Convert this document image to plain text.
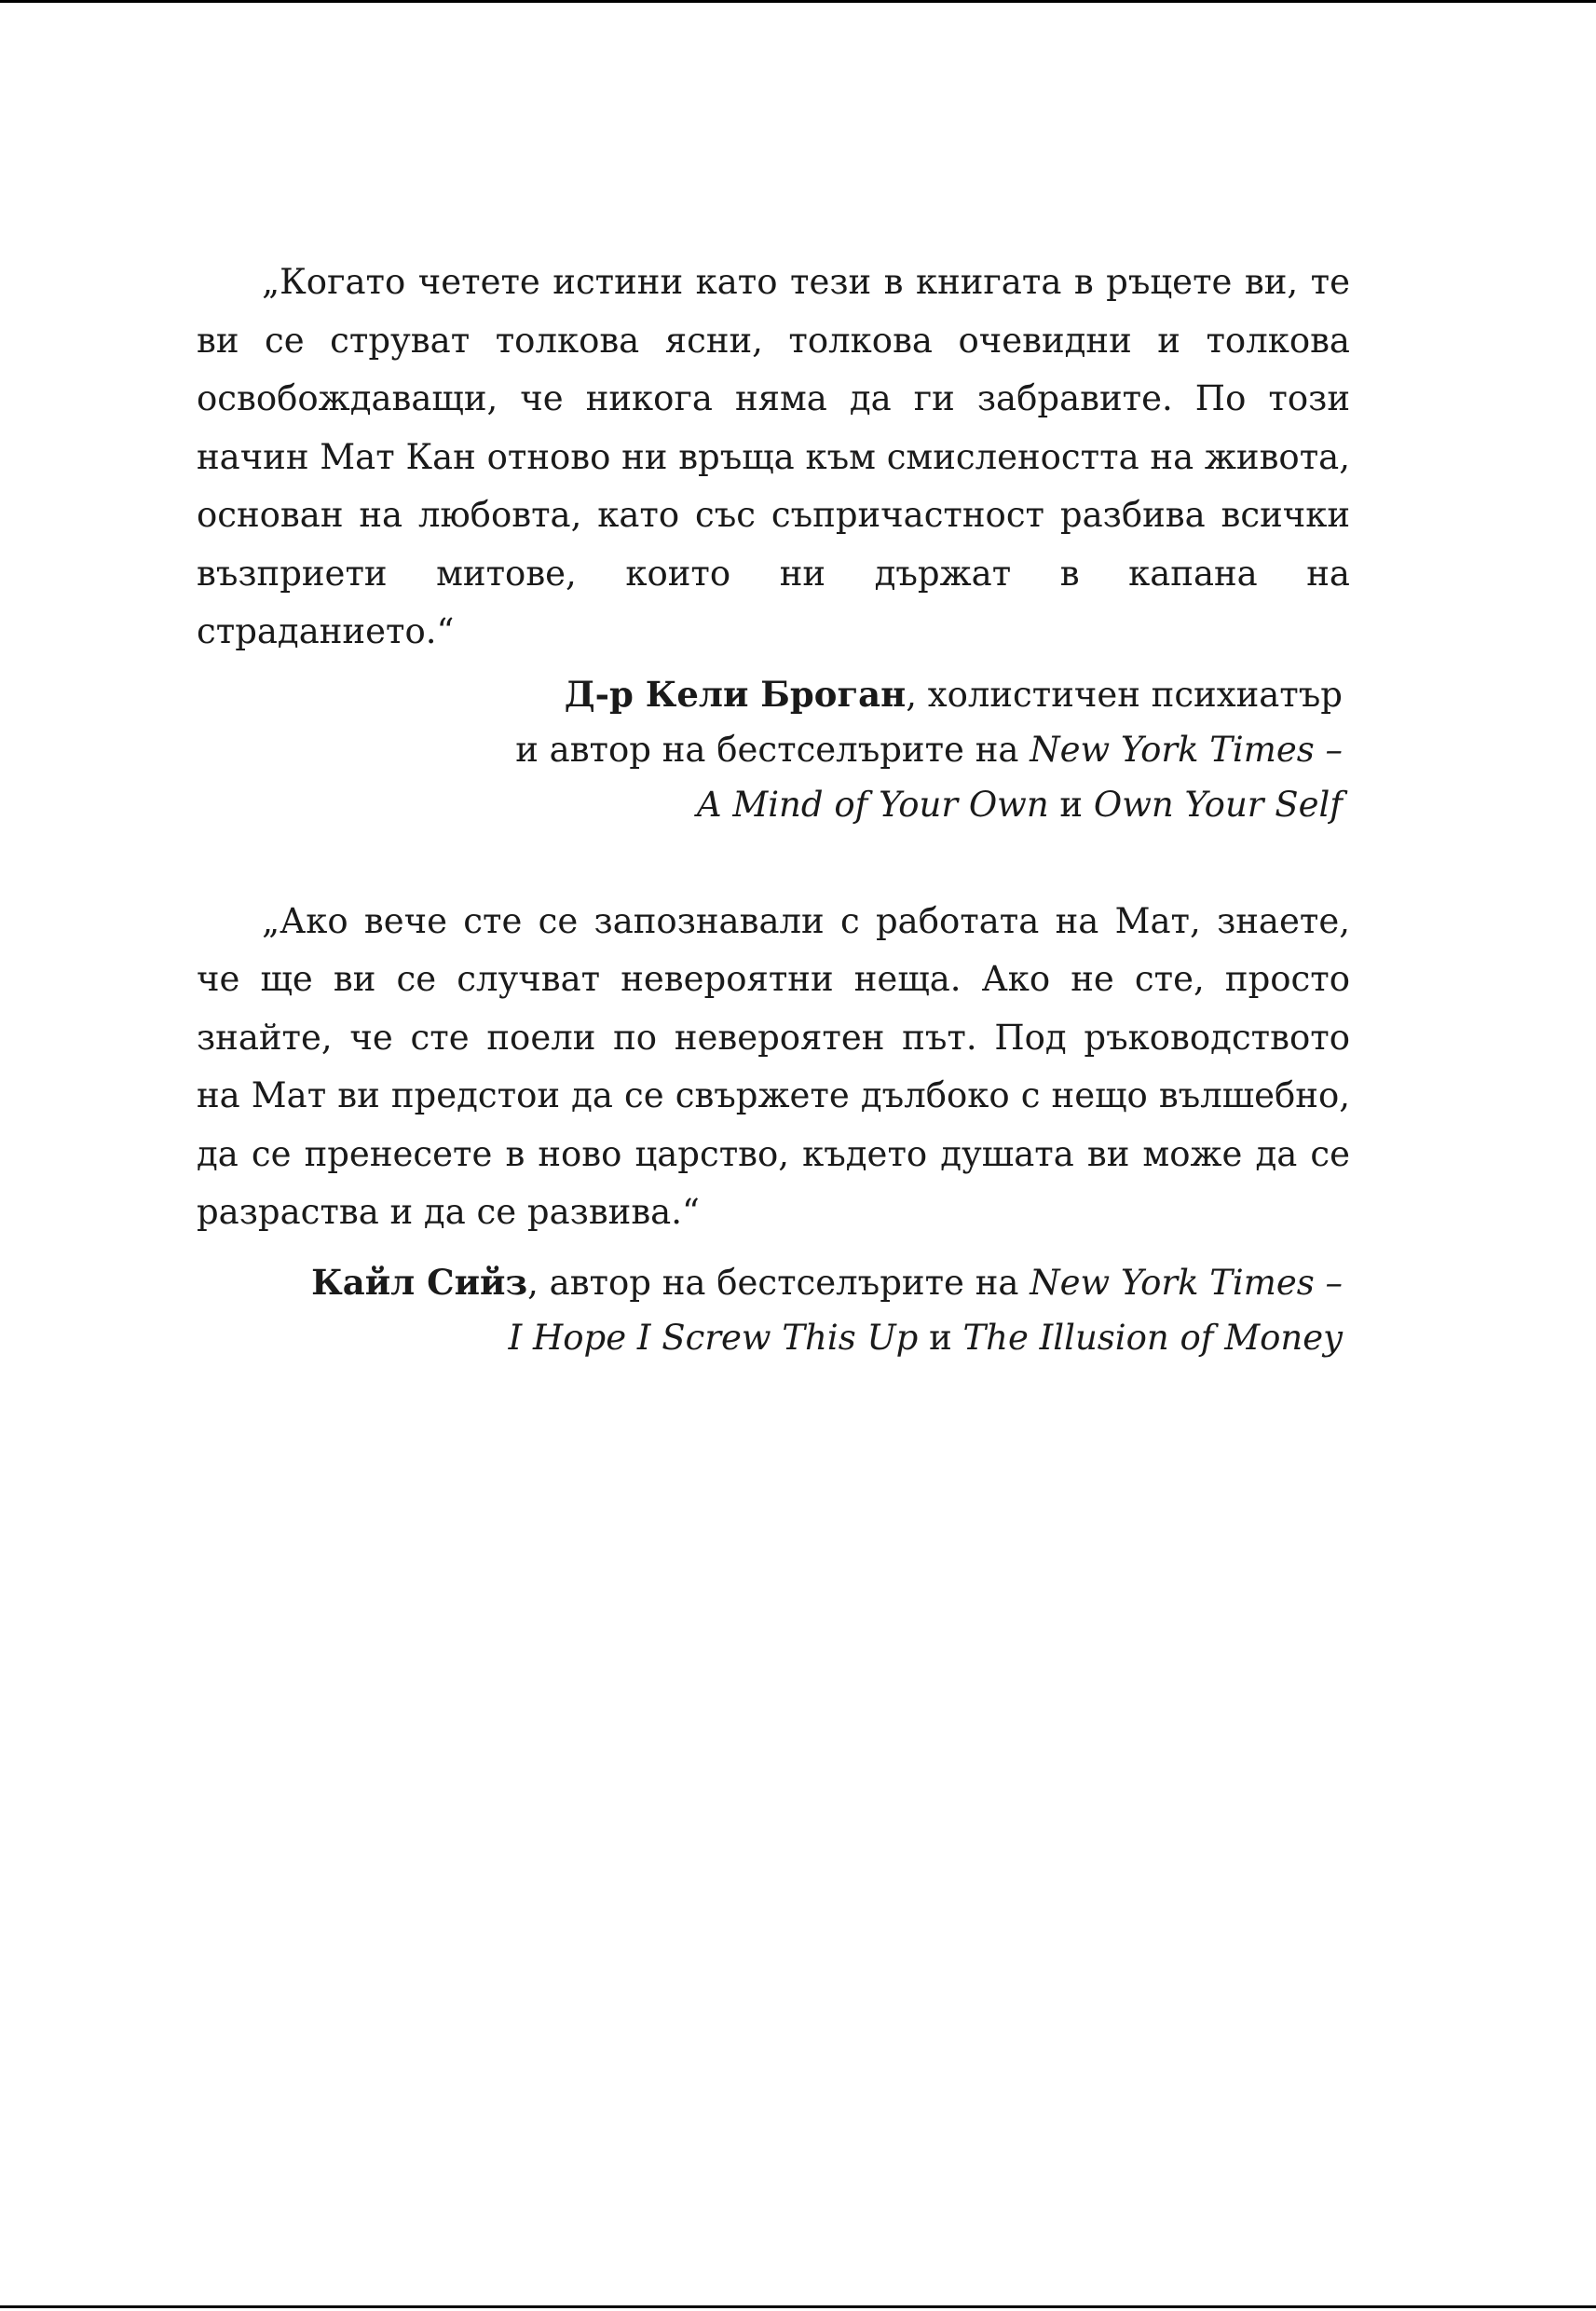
„Когато четете истини като тези в книгата в ръцете ви, те ви се струват толкова ясни, толкова очевидни и толкова освобождаващи, че никога няма да ги забравите. По този начин Мат Кан отново ни връща към смислеността на живота, основан на любовта, като със съпричастност разбива всички възприети митове, които ни държат в капана на страданието.“

Д-р Кели Броган, холистичен психиатър
и автор на бестселърите на New York Times –
A Mind of Your Own и Own Your Self

„Ако вече сте се запознавали с работата на Мат, знаете, че ще ви се случват невероятни неща. Ако не сте, просто знайте, че сте поели по невероятен път. Под ръководството на Мат ви предстои да се свържете дълбоко с нещо вълшебно, да се пренесете в ново царство, където душата ви може да се разраства и да се развива.“

Кайл Сийз, автор на бестселърите на New York Times –
I Hope I Screw This Up и The Illusion of Money
